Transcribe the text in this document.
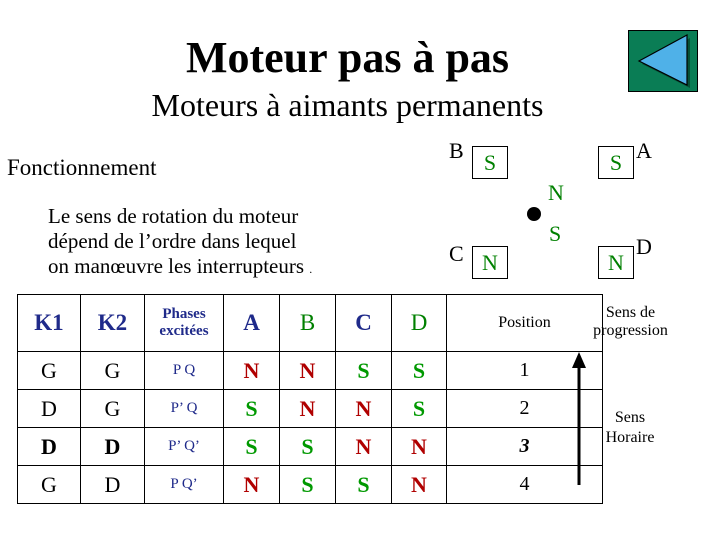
Moteur pas à pas
Moteurs à aimants permanents
Fonctionnement
Le sens de rotation du moteur
dépend de l’ordre dans lequel
on manœuvre les interrupteurs .
B S	S A
C N	N
D
N
S
K1	K2	Phases
excitées	A	B	C	D	Position
G	G	P Q	N	N	S	S	1
D	G	P’ Q	S	N	N	S	2
D	D	P’ Q’	S	S	N	N	3
G	D	P Q’	N	S	S	N	4
Sens de
progression
Sens
Horaire
